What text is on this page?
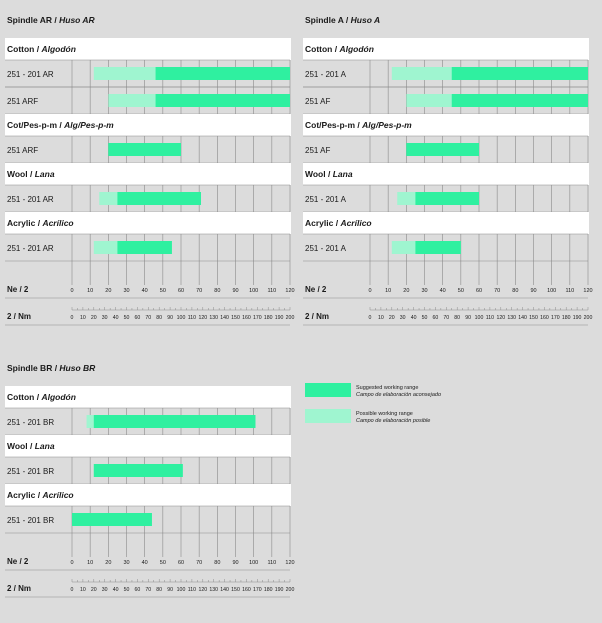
Suggested working range
Campo de elaboración aconsejado
Possible working range
Campo de elaboración posible
Spindle AR / Huso AR
Cotton / Algodón
251 - 201 AR
251 ARF
Cot/Pes-p-m / Alg/Pes-p-m
251 ARF
Wool / Lana
251 - 201 AR
Acrylic / Acrílico
251 - 201 AR
Ne / 2	0 10 20 30 40 50 60 70 80 90 100 110 120
2 / Nm	0 10 20 30 40 50 60 70 80 90 100 110 120 130 140 150 160 170 180 190 200
Spindle A / Huso A
Cotton / Algodón
251 - 201 A
251 AF
Cot/Pes-p-m / Alg/Pes-p-m
251 AF
Wool / Lana
251 - 201 A
Acrylic / Acrílico
251 - 201 A
Ne / 2	0 10 20 30 40 50 60 70 80 90 100 110 120
2 / Nm	0 10 20 30 40 50 60 70 80 90 100 110 120 130 140 150 160 170 180 190 200
Spindle BR / Huso BR
Cotton / Algodón
251 - 201 BR
Wool / Lana
251 - 201 BR
Acrylic / Acrílico
251 - 201 BR
Ne / 2	0 10 20 30 40 50 60 70 80 90 100 110 120
2 / Nm	0 10 20 30 40 50 60 70 80 90 100 110 120 130 140 150 160 170 180 190 200
